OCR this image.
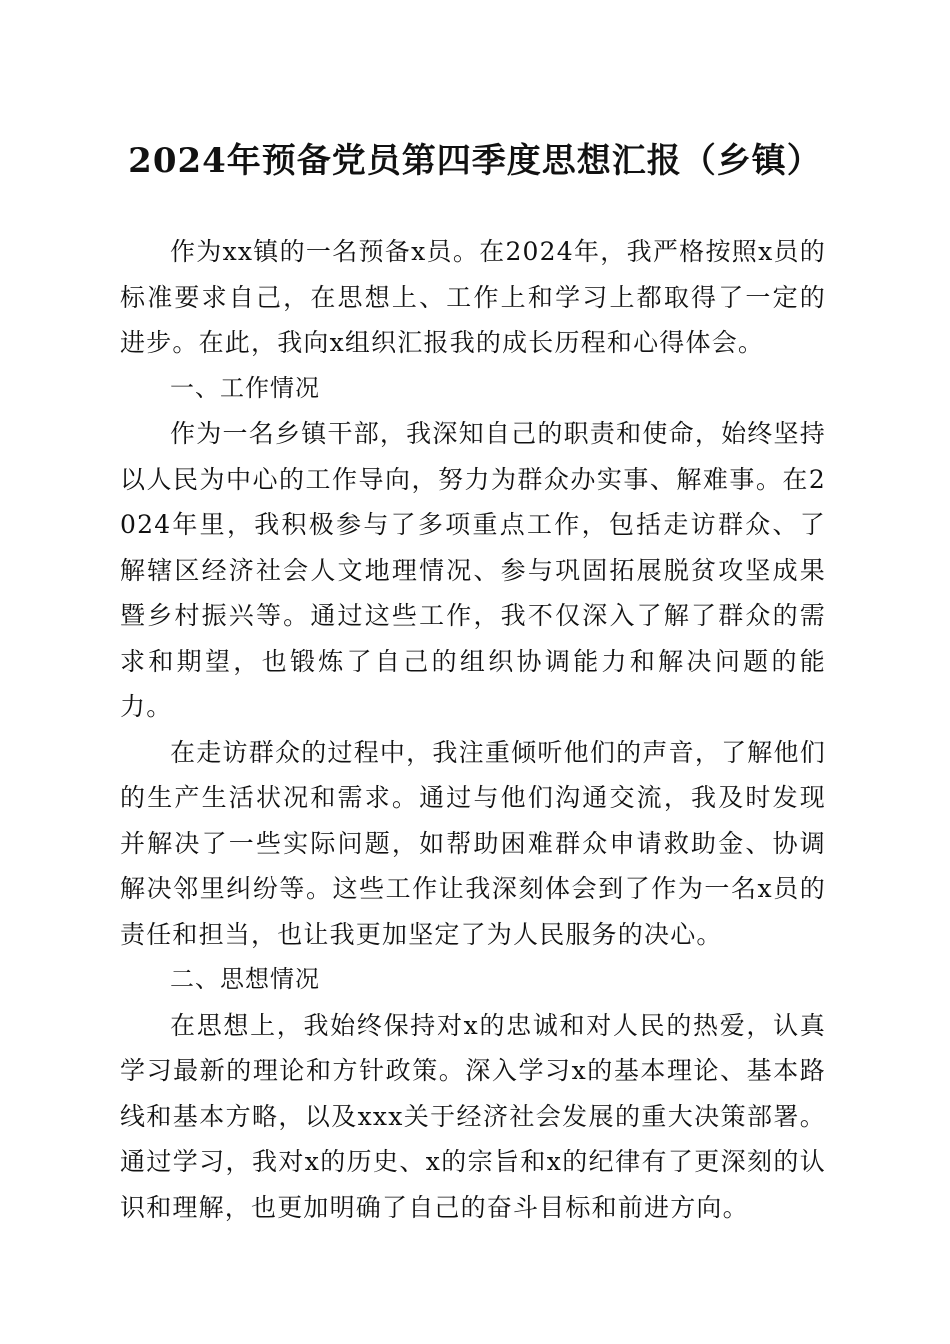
2024年预备党员第四季度思想汇报（乡镇）

作为xx镇的一名预备x员。在2024年，我严格按照x员的标准要求自己，在思想上、工作上和学习上都取得了一定的进步。在此，我向x组织汇报我的成长历程和心得体会。

一、工作情况

作为一名乡镇干部，我深知自己的职责和使命，始终坚持以人民为中心的工作导向，努力为群众办实事、解难事。在2024年里，我积极参与了多项重点工作，包括走访群众、了解辖区经济社会人文地理情况、参与巩固拓展脱贫攻坚成果暨乡村振兴等。通过这些工作，我不仅深入了解了群众的需求和期望，也锻炼了自己的组织协调能力和解决问题的能力。

在走访群众的过程中，我注重倾听他们的声音，了解他们的生产生活状况和需求。通过与他们沟通交流，我及时发现并解决了一些实际问题，如帮助困难群众申请救助金、协调解决邻里纠纷等。这些工作让我深刻体会到了作为一名x员的责任和担当，也让我更加坚定了为人民服务的决心。

二、思想情况

在思想上，我始终保持对x的忠诚和对人民的热爱，认真学习最新的理论和方针政策。深入学习x的基本理论、基本路线和基本方略，以及xxx关于经济社会发展的重大决策部署。通过学习，我对x的历史、x的宗旨和x的纪律有了更深刻的认识和理解，也更加明确了自己的奋斗目标和前进方向。
